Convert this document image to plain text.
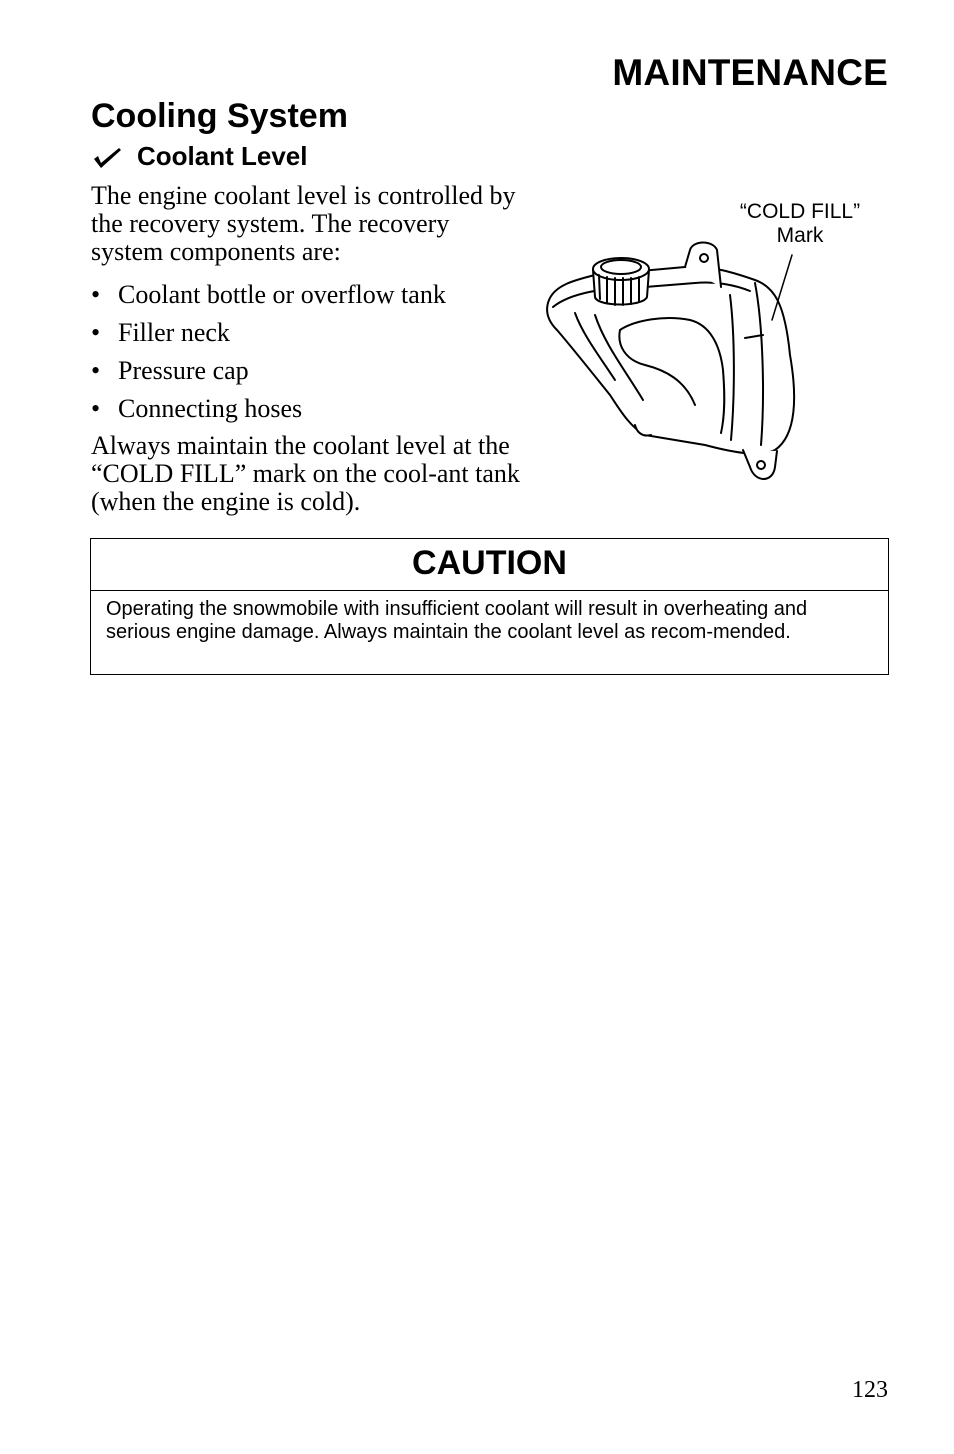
MAINTENANCE
Cooling System
Coolant Level
The engine coolant level is controlled by the recovery system. The recovery system components are:
• Coolant bottle or overflow tank
• Filler neck
• Pressure cap
• Connecting hoses
Always maintain the coolant level at the “COLD FILL” mark on the cool-ant tank (when the engine is cold).
“COLD FILL”
Mark
CAUTION
Operating the snowmobile with insufficient coolant will result in overheating and serious engine damage. Always maintain the coolant level as recom-mended.
123
